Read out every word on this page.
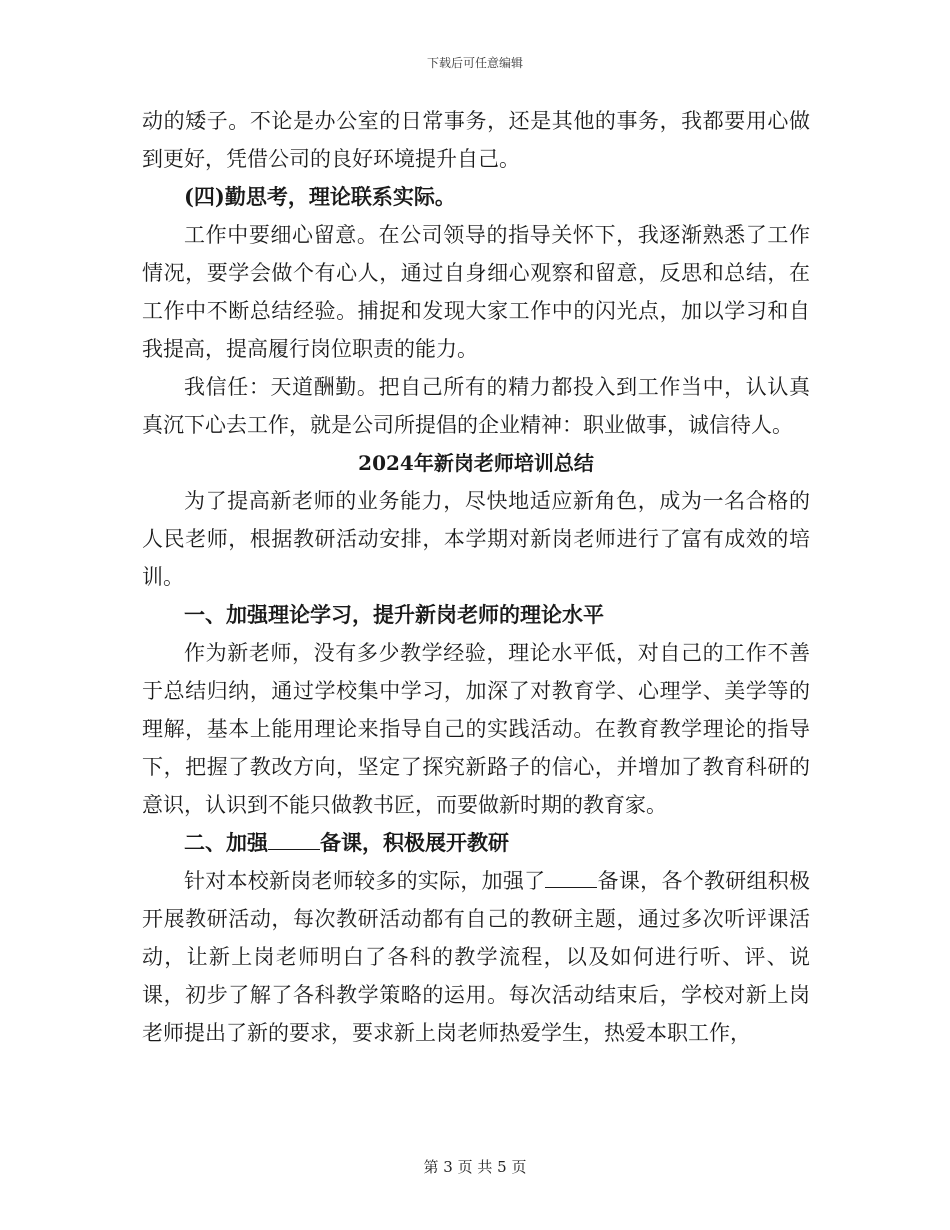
下载后可任意编辑

动的矮子。不论是办公室的日常事务，还是其他的事务，我都要用心做到更好，凭借公司的良好环境提升自己。

(四)勤思考，理论联系实际。

工作中要细心留意。在公司领导的指导关怀下，我逐渐熟悉了工作情况，要学会做个有心人，通过自身细心观察和留意，反思和总结，在工作中不断总结经验。捕捉和发现大家工作中的闪光点，加以学习和自我提高，提高履行岗位职责的能力。

我信任：天道酬勤。把自己所有的精力都投入到工作当中，认认真真沉下心去工作，就是公司所提倡的企业精神：职业做事，诚信待人。

2024年新岗老师培训总结

为了提高新老师的业务能力，尽快地适应新角色，成为一名合格的人民老师，根据教研活动安排，本学期对新岗老师进行了富有成效的培训。

一、加强理论学习，提升新岗老师的理论水平

作为新老师，没有多少教学经验，理论水平低，对自己的工作不善于总结归纳，通过学校集中学习，加深了对教育学、心理学、美学等的理解，基本上能用理论来指导自己的实践活动。在教育教学理论的指导下，把握了教改方向，坚定了探究新路子的信心，并增加了教育科研的意识，认识到不能只做教书匠，而要做新时期的教育家。

二、加强 备课，积极展开教研

针对本校新岗老师较多的实际，加强了 备课，各个教研组积极开展教研活动，每次教研活动都有自己的教研主题，通过多次听评课活动，让新上岗老师明白了各科的教学流程，以及如何进行听、评、说课，初步了解了各科教学策略的运用。每次活动结束后，学校对新上岗老师提出了新的要求，要求新上岗老师热爱学生，热爱本职工作，

第 3 页 共 5 页
